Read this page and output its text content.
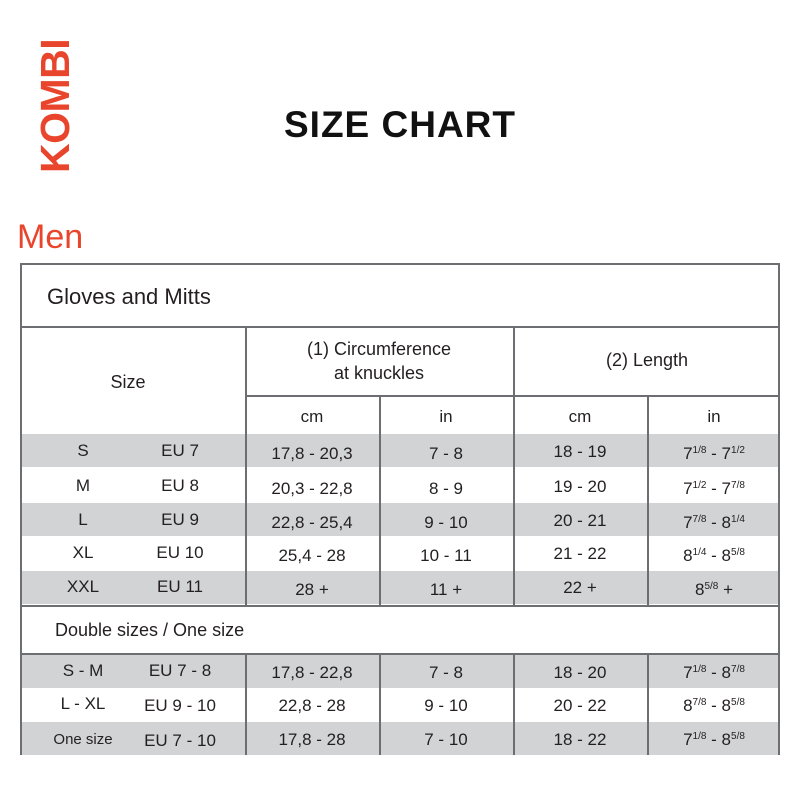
KOMBI	SIZE CHART
Men
Gloves and Mitts
Size
(1) Circumference
at knuckles
(2) Length
cm	in	cm	in
Double sizes / One size
S	EU 7	17,8 - 20,3	7 - 8	18 - 19	$7^{1/8} - 7^{1/2}$
M	EU 8	20,3 - 22,8	8 - 9	19 - 20	$7^{1/2} - 7^{7/8}$
L	EU 9	22,8 - 25,4	9 - 10	20 - 21	$7^{7/8} - 8^{1/4}$
XL	EU 10	25,4 - 28	10 - 11	21 - 22	$8^{1/4} - 8^{5/8}$
XXL	EU 11	28 +	11 +	22 +	$8^{5/8}$ +
S - M	EU 7 - 8	17,8 - 22,8	7 - 8	18 - 20	$7^{1/8} - 8^{7/8}$
L - XL EU 9 - 10	22,8 - 28	9 - 10	20 - 22	$8^{7/8} - 8^{5/8}$
One size EU 7 - 10	17,8 - 28	7 - 10	18 - 22	$7^{1/8} - 8^{5/8}$
